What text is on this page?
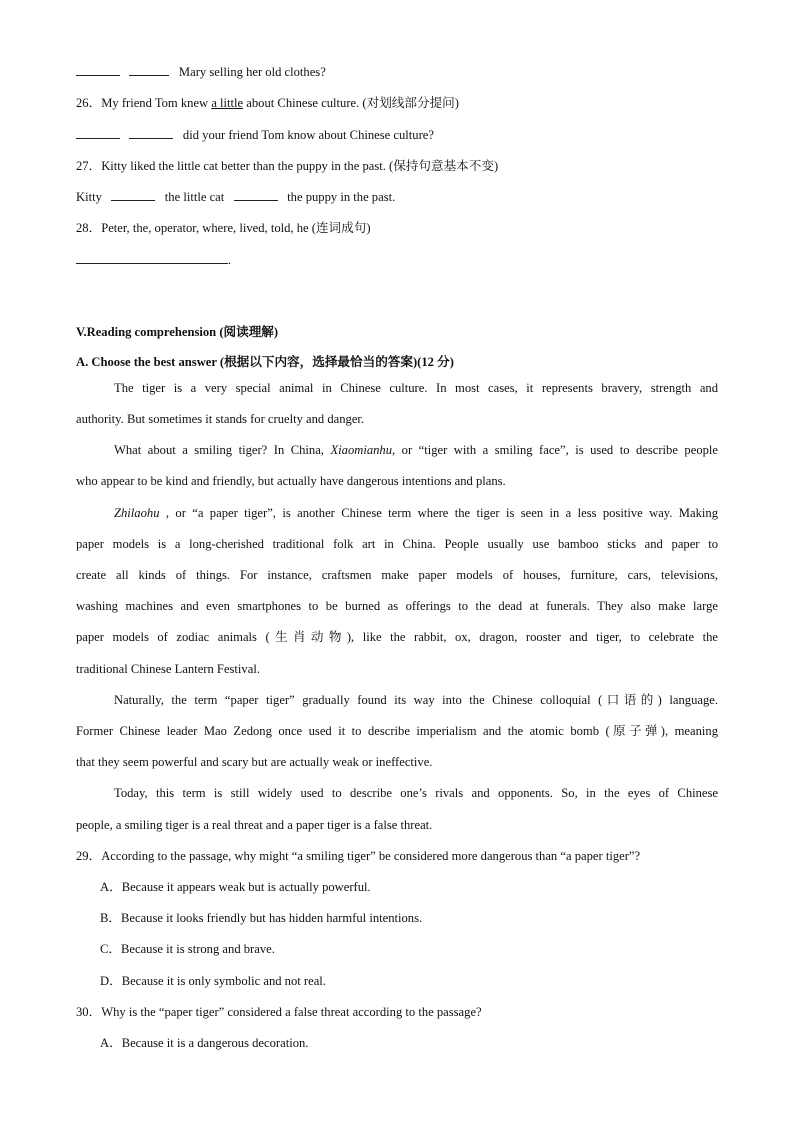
Mary selling her old clothes?
26．My friend Tom knew a little about Chinese culture. (对划线部分提问)
did your friend Tom know about Chinese culture?
27．Kitty liked the little cat better than the puppy in the past. (保持句意基本不变)
Kitty	the little cat	the puppy in the past.
28．Peter, the, operator, where, lived, told, he (连词成句)
.
V.Reading comprehension (阅读理解)
A. Choose the best answer (根据以下内容，选择最恰当的答案)(12 分)
The tiger is a very special animal in Chinese culture. In most cases, it represents bravery, strength and
authority. But sometimes it stands for cruelty and danger.
What about a smiling tiger? In China, Xiaomianhu, or “tiger with a smiling face”, is used to describe people
who appear to be kind and friendly, but actually have dangerous intentions and plans.
Zhilaohu , or “a paper tiger”, is another Chinese term where the tiger is seen in a less positive way. Making
paper models is a long-cherished traditional folk art in China. People usually use bamboo sticks and paper to
create all kinds of things. For instance, craftsmen make paper models of houses, furniture, cars, televisions,
washing machines and even smartphones to be burned as offerings to the dead at funerals. They also make large
paper models of zodiac animals (生肖动物), like the rabbit, ox, dragon, rooster and tiger, to celebrate the
traditional Chinese Lantern Festival.
Naturally, the term “paper tiger” gradually found its way into the Chinese colloquial (口语的) language.
Former Chinese leader Mao Zedong once used it to describe imperialism and the atomic bomb (原子弹), meaning
that they seem powerful and scary but are actually weak or ineffective.
Today, this term is still widely used to describe one’s rivals and opponents. So, in the eyes of Chinese
people, a smiling tiger is a real threat and a paper tiger is a false threat.
29．According to the passage, why might “a smiling tiger” be considered more dangerous than “a paper tiger”?
A．Because it appears weak but is actually powerful.
B．Because it looks friendly but has hidden harmful intentions.
C．Because it is strong and brave.
D．Because it is only symbolic and not real.
30．Why is the “paper tiger” considered a false threat according to the passage?
A．Because it is a dangerous decoration.
